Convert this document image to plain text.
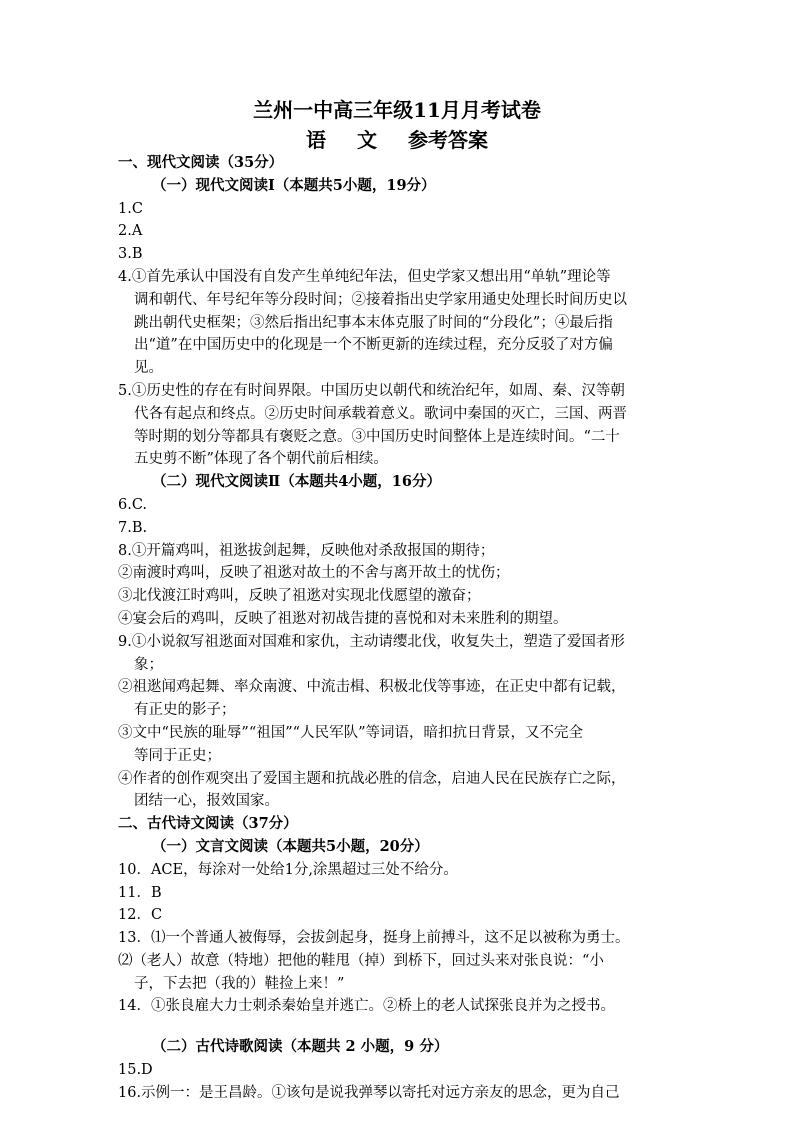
兰州一中高三年级11月月考试卷
语 文 参考答案
一、现代文阅读（35分）
（一）现代文阅读Ⅰ（本题共5小题，19分）
1.C
2.A
3.B
4.①首先承认中国没有自发产生单纯纪年法，但史学家又想出用“单轨”理论等
调和朝代、年号纪年等分段时间；②接着指出史学家用通史处理长时间历史以
跳出朝代史框架；③然后指出纪事本末体克服了时间的“分段化”；④最后指
出“道”在中国历史中的化现是一个不断更新的连续过程，充分反驳了对方偏
见。
5.①历史性的存在有时间界限。中国历史以朝代和统治纪年，如周、秦、汉等朝
代各有起点和终点。②历史时间承载着意义。歌词中秦国的灭亡，三国、两晋
等时期的划分等都具有褒贬之意。③中国历史时间整体上是连续时间。“二十
五史剪不断”体现了各个朝代前后相续。
（二）现代文阅读Ⅱ（本题共4小题，16分）
6.C.
7.B.
8.①开篇鸡叫，祖逖拔剑起舞，反映他对杀敌报国的期待；
②南渡时鸡叫，反映了祖逖对故土的不舍与离开故土的忧伤；
③北伐渡江时鸡叫，反映了祖逖对实现北伐愿望的激奋；
④宴会后的鸡叫，反映了祖逖对初战告捷的喜悦和对未来胜利的期望。
9.①小说叙写祖逖面对国难和家仇，主动请缨北伐，收复失土，塑造了爱国者形
象；
②祖逖闻鸡起舞、率众南渡、中流击楫、积极北伐等事迹，在正史中都有记载，
有正史的影子；
③文中“民族的耻辱”“祖国”“人民军队”等词语，暗扣抗日背景，又不完全
等同于正史；
④作者的创作观突出了爱国主题和抗战必胜的信念，启迪人民在民族存亡之际，
团结一心，报效国家。
二、古代诗文阅读（37分）
（一）文言文阅读（本题共5小题，20分）
10．ACE，每涂对一处给1分,涂黑超过三处不给分。
11．B
12．C
13．⑴一个普通人被侮辱，会拔剑起身，挺身上前搏斗，这不足以被称为勇士。
⑵（老人）故意（特地）把他的鞋甩（掉）到桥下，回过头来对张良说：“小
子，下去把（我的）鞋捡上来！”
14．①张良雇大力士刺杀秦始皇并逃亡。②桥上的老人试探张良并为之授书。
（二）古代诗歌阅读（本题共 2 小题，9 分）
15.D
16.示例一：是王昌龄。①该句是说我弹琴以寄托对远方亲友的思念，更为自己
